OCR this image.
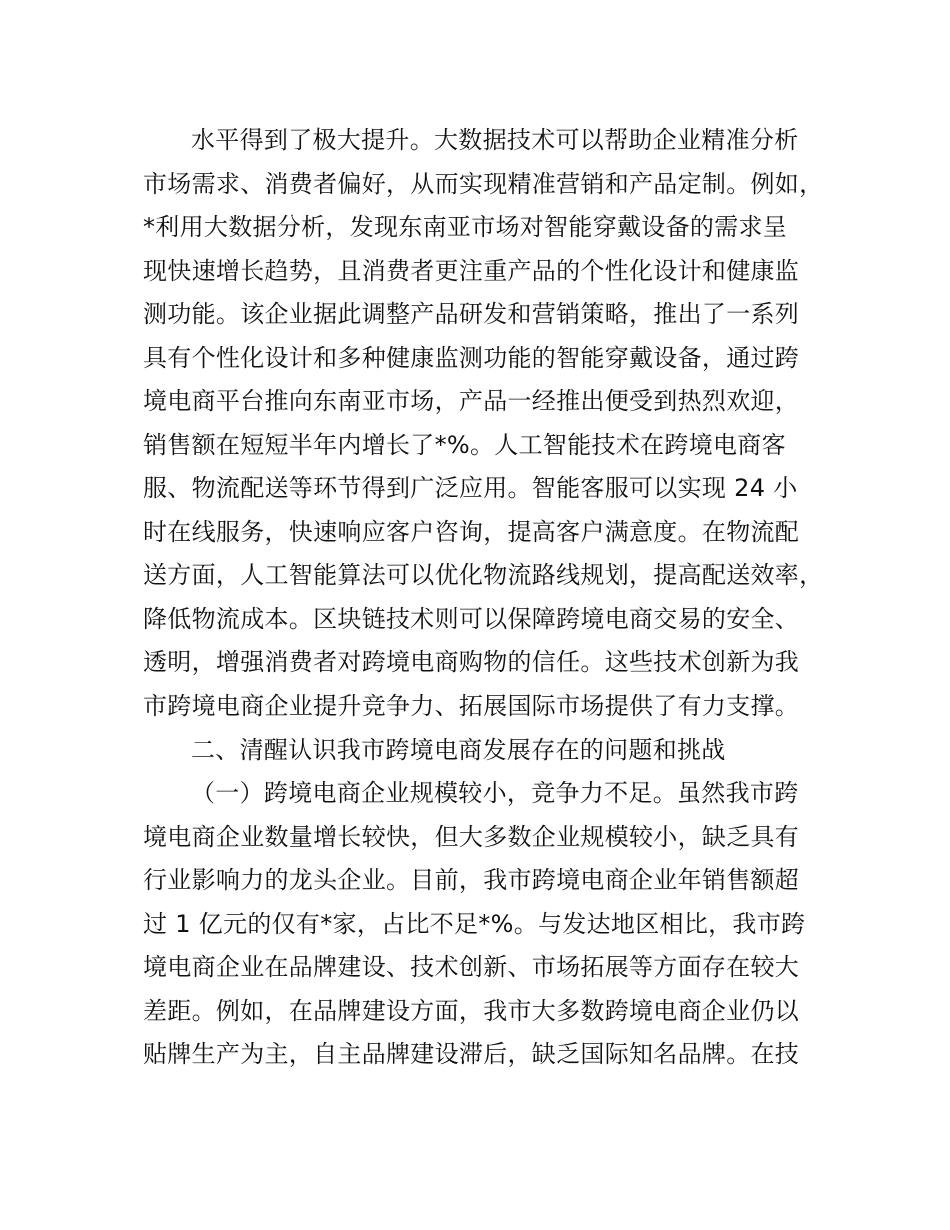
水平得到了极大提升。大数据技术可以帮助企业精准分析
市场需求、消费者偏好，从而实现精准营销和产品定制。例如，
*利用大数据分析，发现东南亚市场对智能穿戴设备的需求呈
现快速增长趋势，且消费者更注重产品的个性化设计和健康监
测功能。该企业据此调整产品研发和营销策略，推出了一系列
具有个性化设计和多种健康监测功能的智能穿戴设备，通过跨
境电商平台推向东南亚市场，产品一经推出便受到热烈欢迎，
销售额在短短半年内增长了*%。人工智能技术在跨境电商客
服、物流配送等环节得到广泛应用。智能客服可以实现 24 小
时在线服务，快速响应客户咨询，提高客户满意度。在物流配
送方面，人工智能算法可以优化物流路线规划，提高配送效率，
降低物流成本。区块链技术则可以保障跨境电商交易的安全、
透明，增强消费者对跨境电商购物的信任。这些技术创新为我
市跨境电商企业提升竞争力、拓展国际市场提供了有力支撑。
二、清醒认识我市跨境电商发展存在的问题和挑战
（一）跨境电商企业规模较小，竞争力不足。虽然我市跨
境电商企业数量增长较快，但大多数企业规模较小，缺乏具有
行业影响力的龙头企业。目前，我市跨境电商企业年销售额超
过 1 亿元的仅有*家，占比不足*%。与发达地区相比，我市跨
境电商企业在品牌建设、技术创新、市场拓展等方面存在较大
差距。例如，在品牌建设方面，我市大多数跨境电商企业仍以
贴牌生产为主，自主品牌建设滞后，缺乏国际知名品牌。在技
